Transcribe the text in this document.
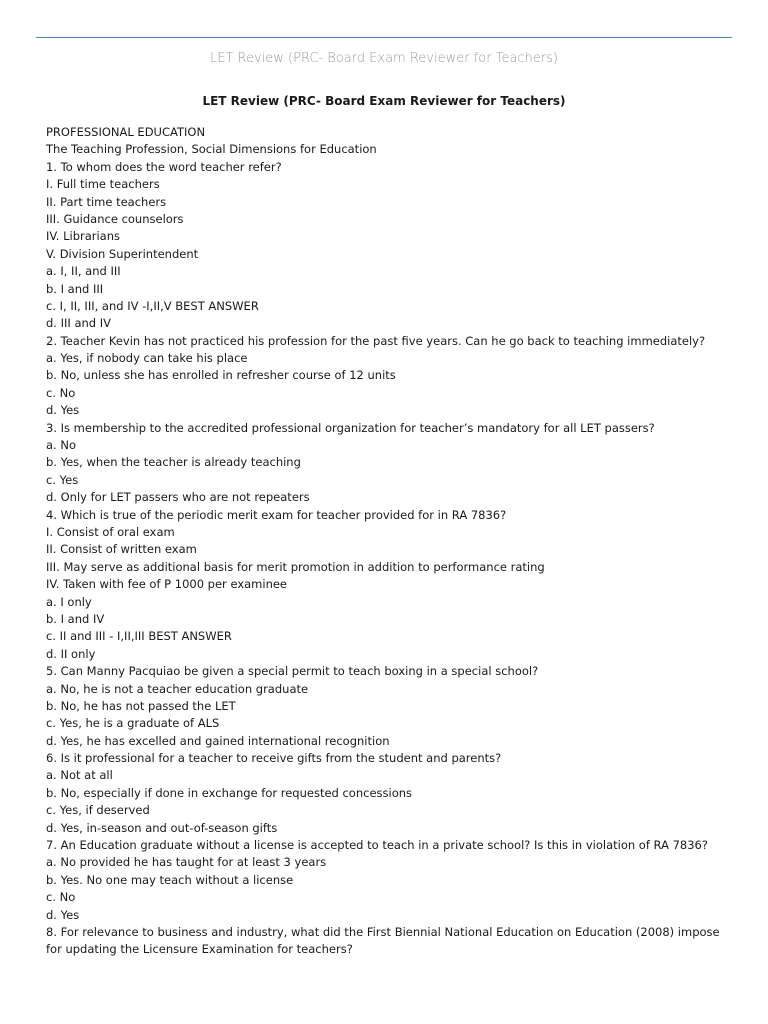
LET Review (PRC- Board Exam Reviewer for Teachers)
LET Review (PRC- Board Exam Reviewer for Teachers)
PROFESSIONAL EDUCATION
The Teaching Profession, Social Dimensions for Education
1. To whom does the word teacher refer?
I. Full time teachers
II. Part time teachers
III. Guidance counselors
IV. Librarians
V. Division Superintendent
a. I, II, and III
b. I and III
c. I, II, III, and IV -I,II,V BEST ANSWER
d. III and IV
2. Teacher Kevin has not practiced his profession for the past five years. Can he go back to teaching immediately?
a. Yes, if nobody can take his place
b. No, unless she has enrolled in refresher course of 12 units
c. No
d. Yes
3. Is membership to the accredited professional organization for teacher’s mandatory for all LET passers?
a. No
b. Yes, when the teacher is already teaching
c. Yes
d. Only for LET passers who are not repeaters
4. Which is true of the periodic merit exam for teacher provided for in RA 7836?
I. Consist of oral exam
II. Consist of written exam
III. May serve as additional basis for merit promotion in addition to performance rating
IV. Taken with fee of P 1000 per examinee
a. I only
b. I and IV
c. II and III - I,II,III BEST ANSWER
d. II only
5. Can Manny Pacquiao be given a special permit to teach boxing in a special school?
a. No, he is not a teacher education graduate
b. No, he has not passed the LET
c. Yes, he is a graduate of ALS
d. Yes, he has excelled and gained international recognition
6. Is it professional for a teacher to receive gifts from the student and parents?
a. Not at all
b. No, especially if done in exchange for requested concessions
c. Yes, if deserved
d. Yes, in-season and out-of-season gifts
7. An Education graduate without a license is accepted to teach in a private school? Is this in violation of RA 7836?
a. No provided he has taught for at least 3 years
b. Yes. No one may teach without a license
c. No
d. Yes
8. For relevance to business and industry, what did the First Biennial National Education on Education (2008) impose
for updating the Licensure Examination for teachers?
